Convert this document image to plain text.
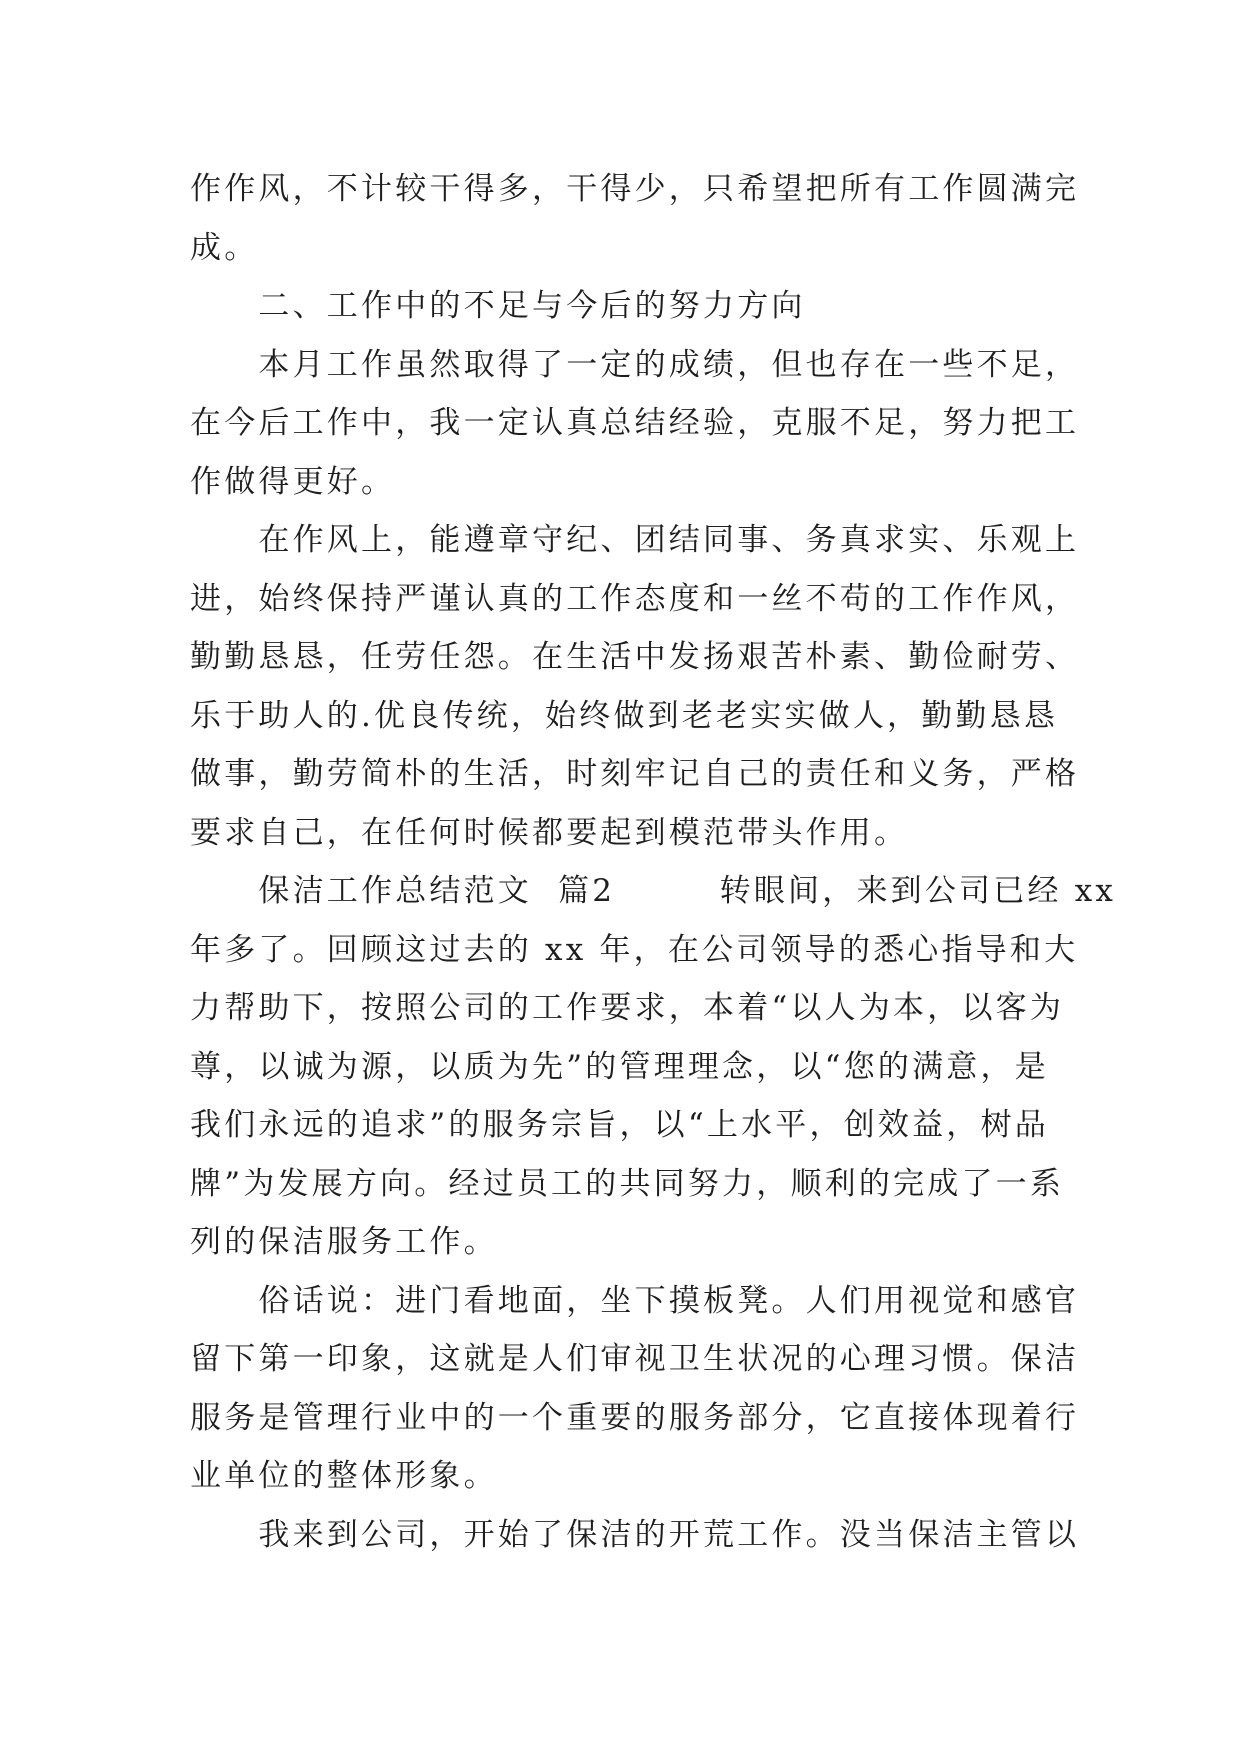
作作风，不计较干得多，干得少，只希望把所有工作圆满完
成。
　　二、工作中的不足与今后的努力方向
　　本月工作虽然取得了一定的成绩，但也存在一些不足，
在今后工作中，我一定认真总结经验，克服不足，努力把工
作做得更好。
　　在作风上，能遵章守纪、团结同事、务真求实、乐观上
进，始终保持严谨认真的工作态度和一丝不苟的工作作风，
勤勤恳恳，任劳任怨。在生活中发扬艰苦朴素、勤俭耐劳、
乐于助人的.优良传统，始终做到老老实实做人，勤勤恳恳
做事，勤劳简朴的生活，时刻牢记自己的责任和义务，严格
要求自己，在任何时候都要起到模范带头作用。
　　保洁工作总结范文  篇2        转眼间，来到公司已经 xx
年多了。回顾这过去的 xx 年，在公司领导的悉心指导和大
力帮助下，按照公司的工作要求，本着“以人为本，以客为
尊，以诚为源，以质为先”的管理理念，以“您的满意，是
我们永远的追求”的服务宗旨，以“上水平，创效益，树品
牌”为发展方向。经过员工的共同努力，顺利的完成了一系
列的保洁服务工作。
　　俗话说：进门看地面，坐下摸板凳。人们用视觉和感官
留下第一印象，这就是人们审视卫生状况的心理习惯。保洁
服务是管理行业中的一个重要的服务部分，它直接体现着行
业单位的整体形象。
　　我来到公司，开始了保洁的开荒工作。没当保洁主管以
